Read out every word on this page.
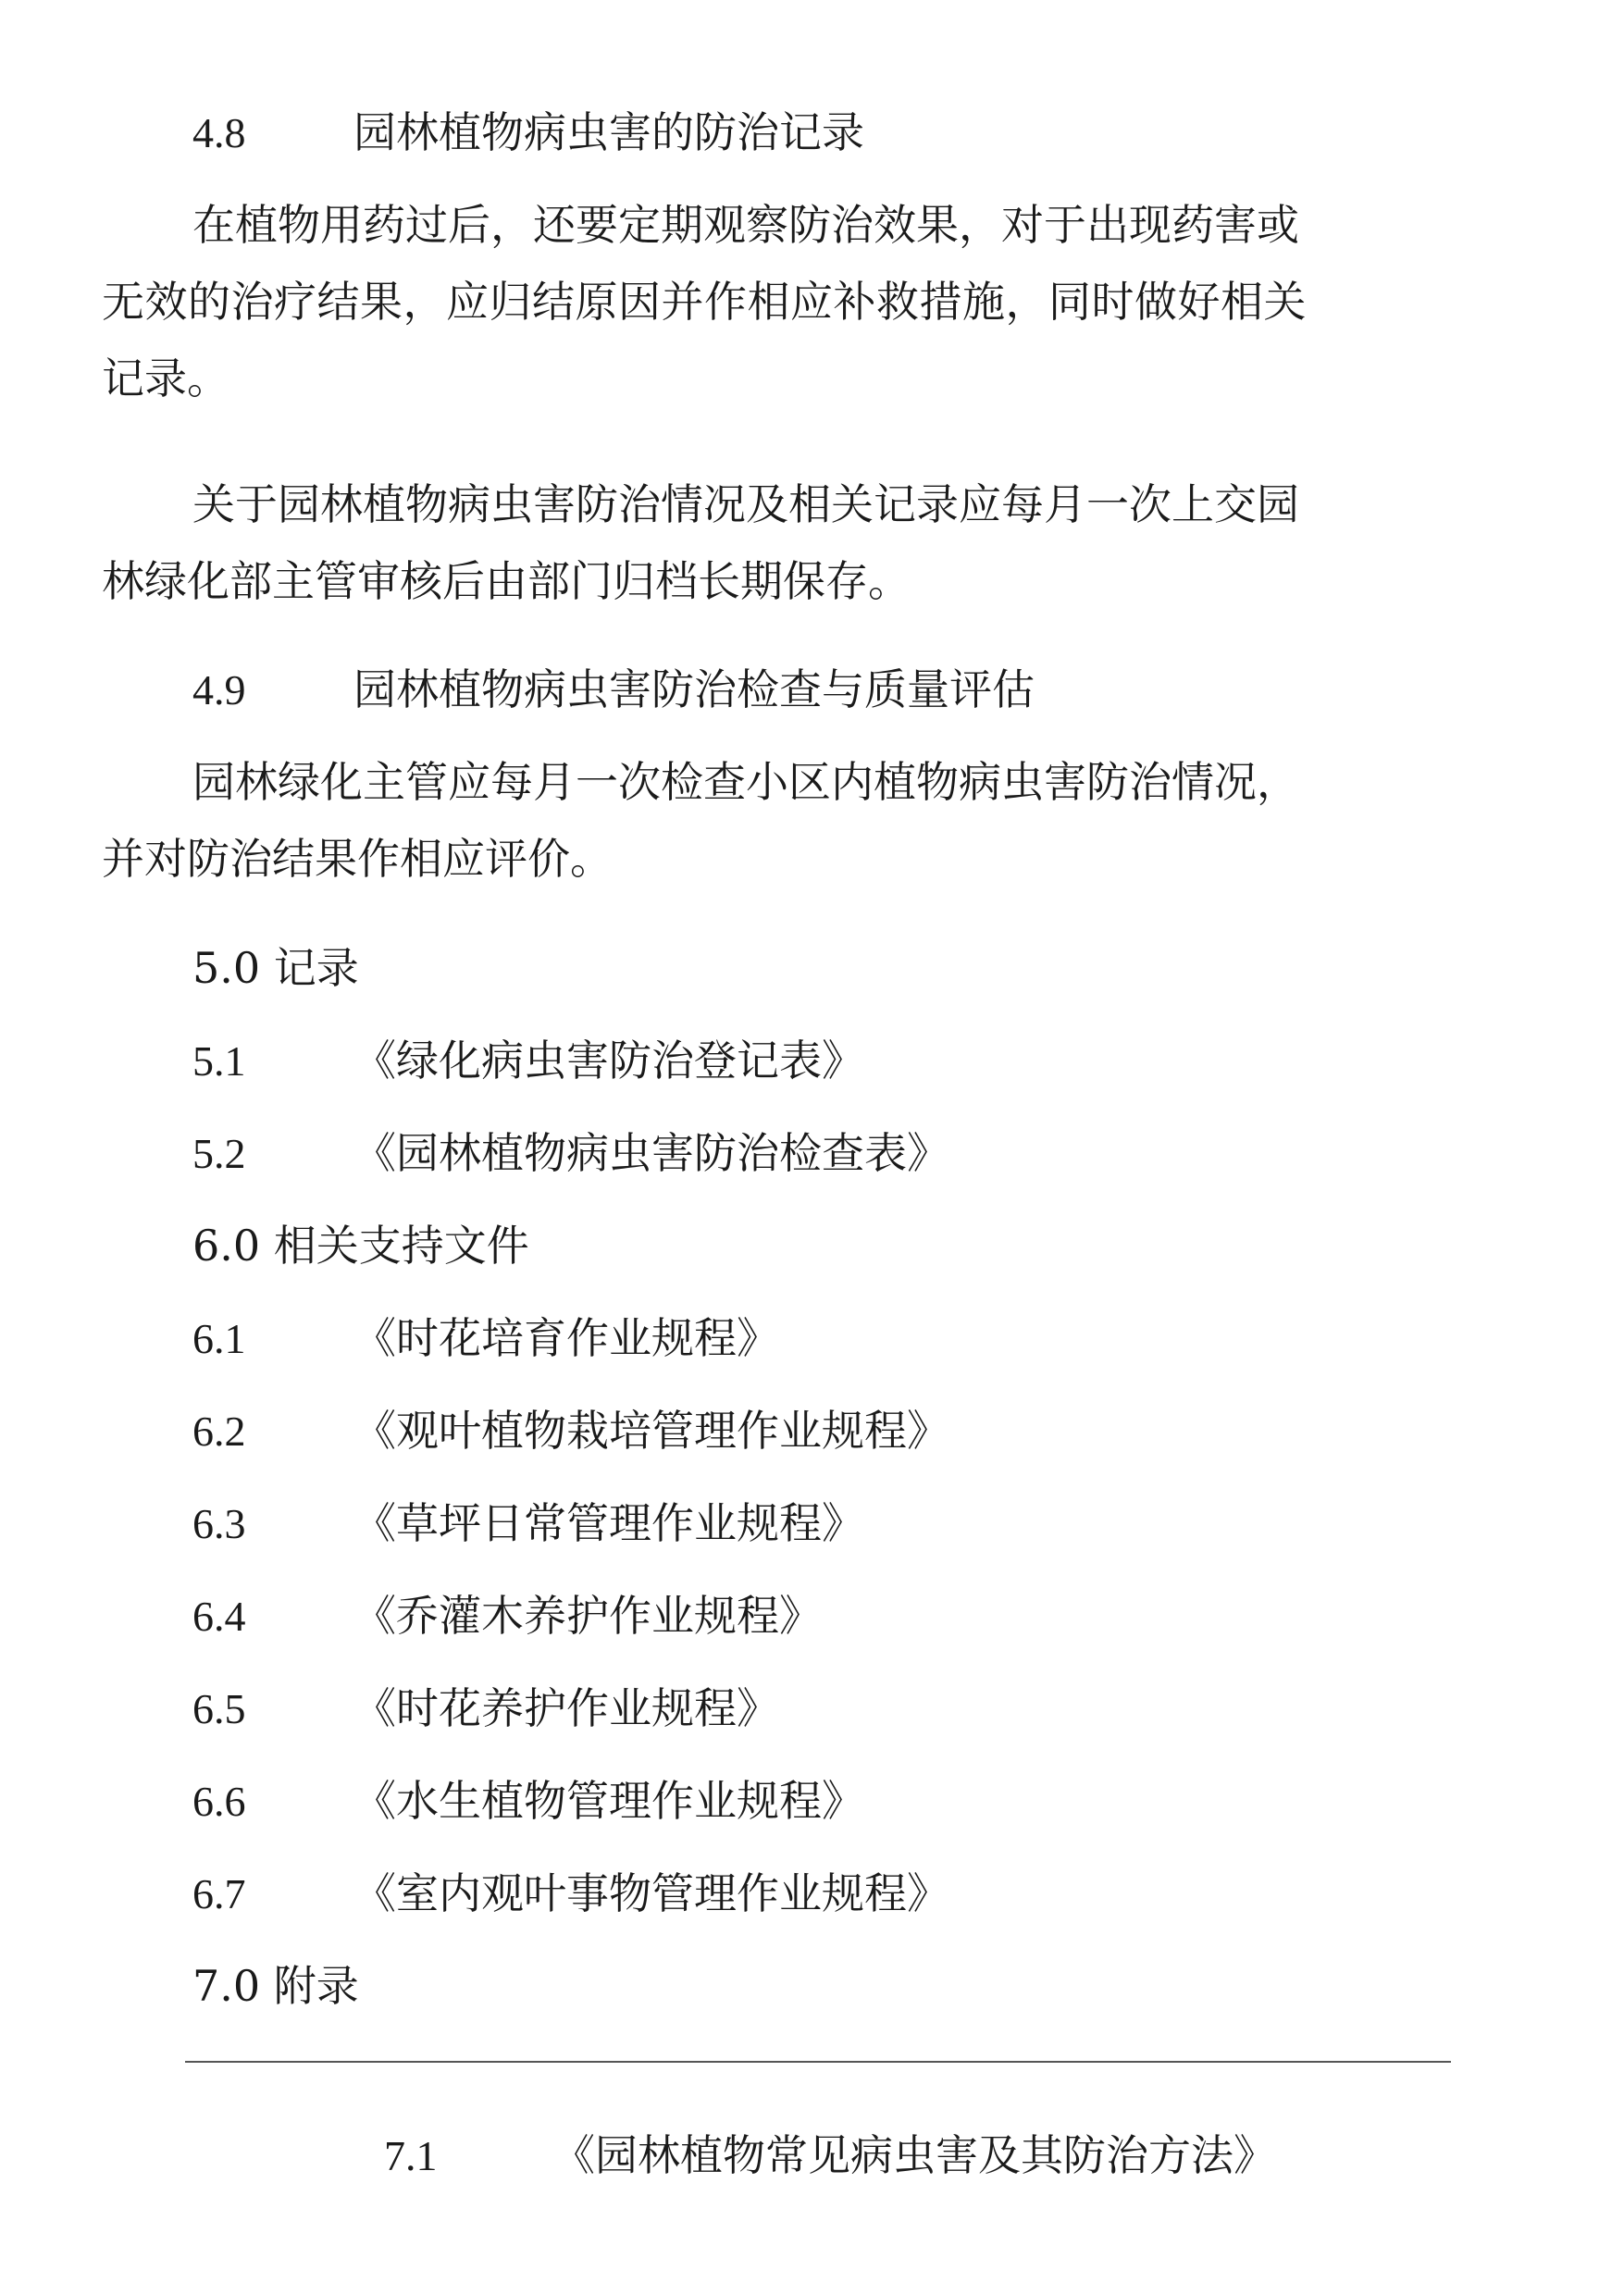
4.8	园林植物病虫害的防治记录
在植物用药过后，还要定期观察防治效果，对于出现药害或
无效的治疗结果，应归结原因并作相应补救措施，同时做好相关
记录。
关于园林植物病虫害防治情况及相关记录应每月一次上交园
林绿化部主管审核后由部门归档长期保存。
4.9	园林植物病虫害防治检查与质量评估
园林绿化主管应每月一次检查小区内植物病虫害防治情况，
并对防治结果作相应评价。
5.0 记录
5.1	《绿化病虫害防治登记表》
5.2	《园林植物病虫害防治检查表》
6.0 相关支持文件
6.1	《时花培育作业规程》
6.2	《观叶植物栽培管理作业规程》
6.3	《草坪日常管理作业规程》
6.4	《乔灌木养护作业规程》
6.5	《时花养护作业规程》
6.6	《水生植物管理作业规程》
6.7	《室内观叶事物管理作业规程》
7.0 附录
7.1	《园林植物常见病虫害及其防治方法》
